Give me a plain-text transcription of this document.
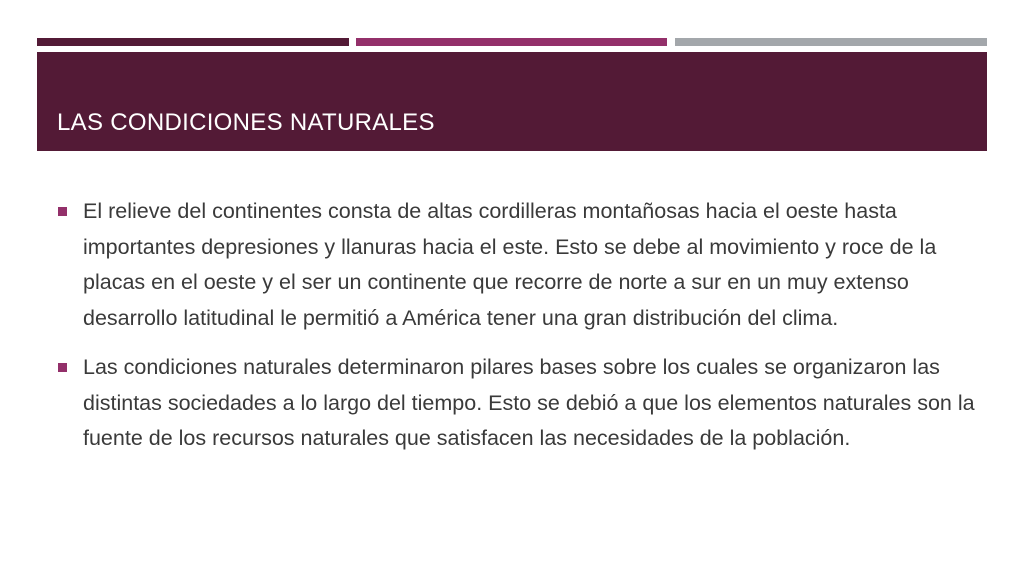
LAS CONDICIONES NATURALES
El relieve del continentes consta de altas cordilleras montañosas hacia el oeste hasta importantes depresiones y llanuras hacia el este. Esto se debe al movimiento y roce de la placas en el oeste y el ser un continente que recorre de norte a sur en un muy extenso desarrollo latitudinal le permitió a América tener una gran distribución del clima.
Las condiciones naturales determinaron pilares bases sobre los cuales se organizaron las distintas sociedades a lo largo del tiempo. Esto se debió a que los elementos naturales son la fuente de los recursos naturales que satisfacen las necesidades de la población.
